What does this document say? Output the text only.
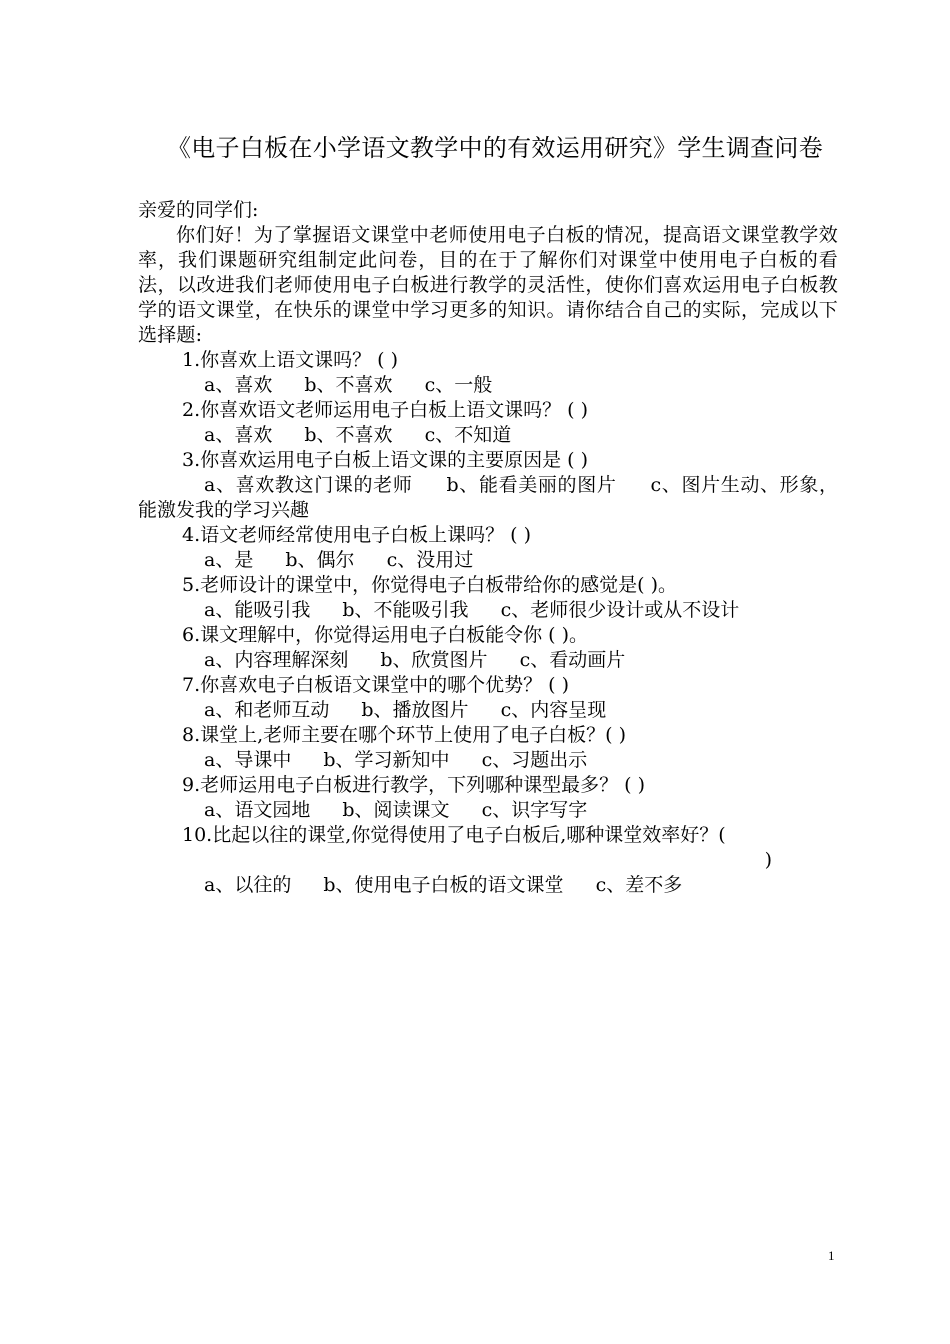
《电子白板在小学语文教学中的有效运用研究》学生调查问卷
亲爱的同学们:
你们好！为了掌握语文课堂中老师使用电子白板的情况，提高语文课堂教学效率，我们课题研究组制定此问卷，目的在于了解你们对课堂中使用电子白板的看法，以改进我们老师使用电子白板进行教学的灵活性，使你们喜欢运用电子白板教学的语文课堂，在快乐的课堂中学习更多的知识。请你结合自己的实际，完成以下选择题:
1.你喜欢上语文课吗？ ( )
a、喜欢 b、不喜欢 c、一般
2.你喜欢语文老师运用电子白板上语文课吗？ ( )
a、喜欢 b、不喜欢 c、不知道
3.你喜欢运用电子白板上语文课的主要原因是 ( )
a、喜欢教这门课的老师 b、能看美丽的图片 c、图片生动、形象，能激发我的学习兴趣
4.语文老师经常使用电子白板上课吗？ ( )
a、是 b、偶尔 c、没用过
5.老师设计的课堂中，你觉得电子白板带给你的感觉是( )。
a、能吸引我 b、不能吸引我 c、老师很少设计或从不设计
6.课文理解中，你觉得运用电子白板能令你 ( )。
a、内容理解深刻 b、欣赏图片 c、看动画片
7.你喜欢电子白板语文课堂中的哪个优势？ ( )
a、和老师互动 b、播放图片 c、内容呈现
8.课堂上,老师主要在哪个环节上使用了电子白板？( )
a、导课中 b、学习新知中 c、习题出示
9.老师运用电子白板进行教学，下列哪种课型最多？ ( )
a、语文园地 b、阅读课文 c、识字写字
10.比起以往的课堂,你觉得使用了电子白板后,哪种课堂效率好？(
)
a、以往的 b、使用电子白板的语文课堂 c、差不多
1
